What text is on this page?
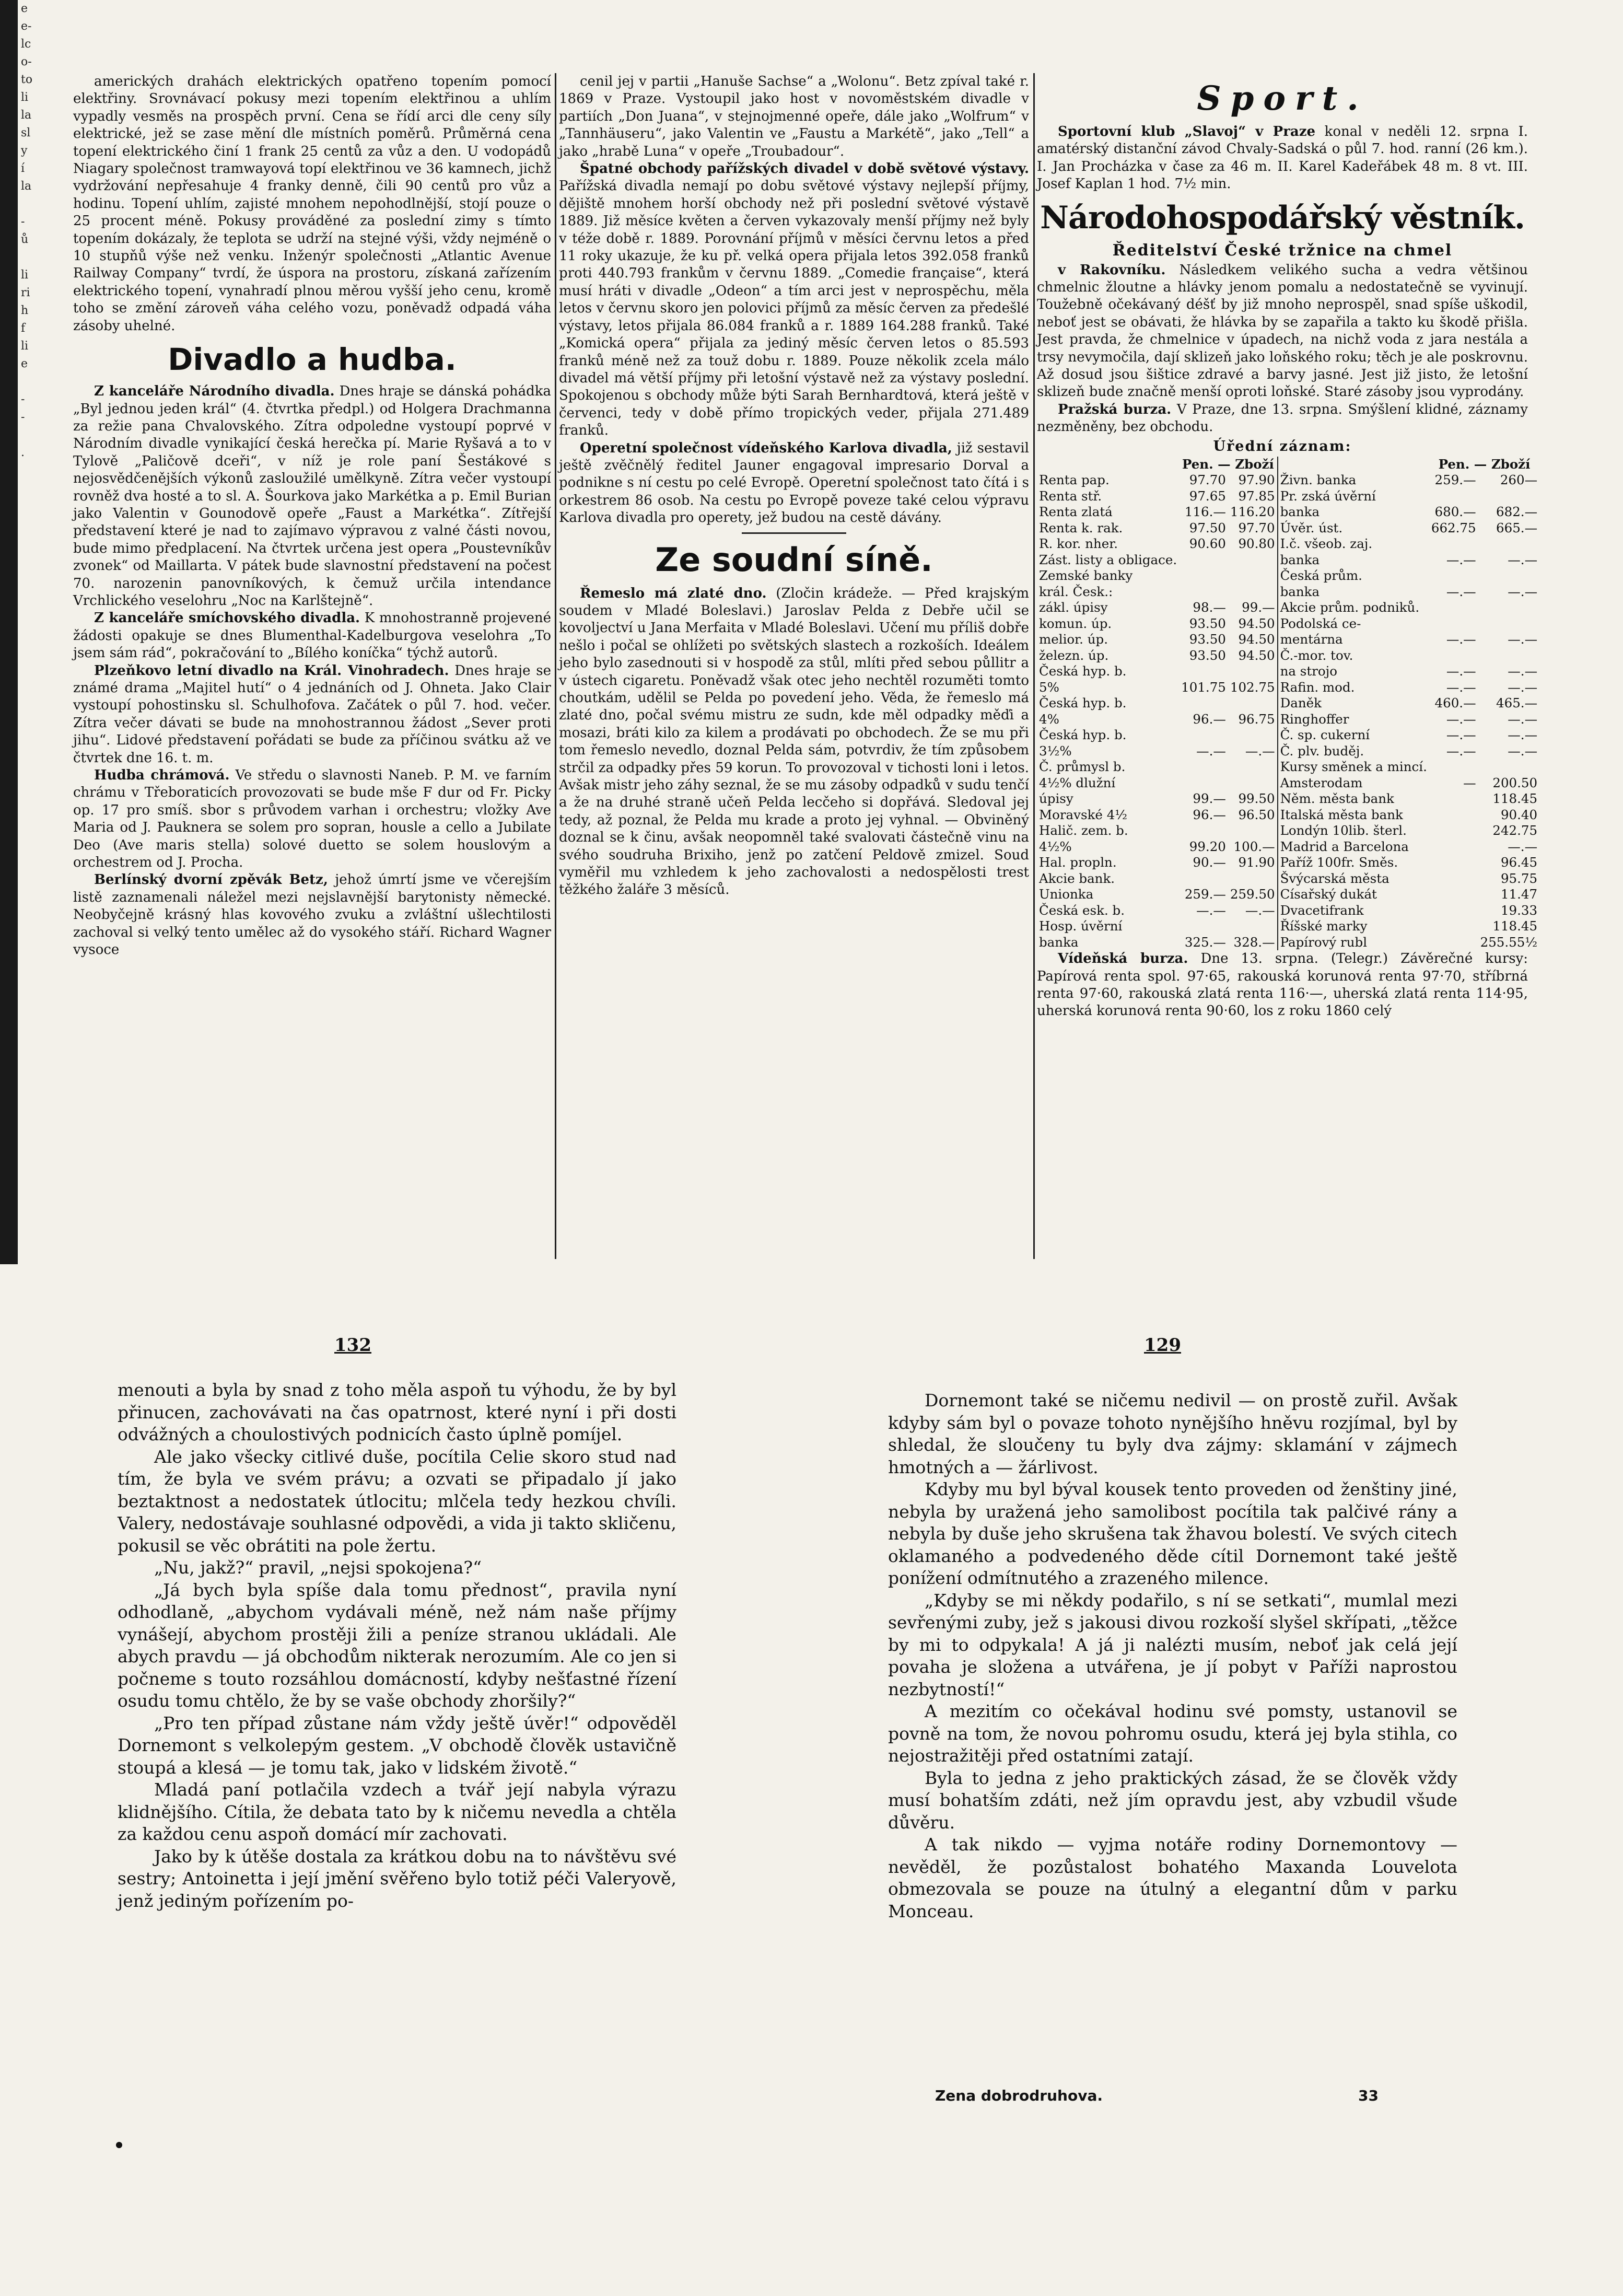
e
e-
lc
o-
to
li
la
sl
y
í
la

-
ů

li
ri
h
f
li
e

-
-

.

amerických drahách elektrických opatřeno topením pomocí elektřiny. Srovnávací pokusy mezi topením elektřinou a uhlím vypadly vesměs na prospěch první. Cena se řídí arci dle ceny síly elektrické, jež se zase mění dle místních poměrů. Průměrná cena topení elektrického činí 1 frank 25 centů za vůz a den. U vodopádů Niagary společnost tramwayová topí elektřinou ve 36 kamnech, jichž vydržování nepřesahuje 4 franky denně, čili 90 centů pro vůz a hodinu. Topení uhlím, zajisté mnohem nepohodlnější, stojí pouze o 25 procent méně. Pokusy prováděné za poslední zimy s tímto topením dokázaly, že teplota se udrží na stejné výši, vždy nejméně o 10 stupňů výše než venku. Inženýr společnosti „Atlantic Avenue Railway Company“ tvrdí, že úspora na prostoru, získaná zařízením elektrického topení, vynahradí plnou měrou vyšší jeho cenu, kromě toho se změní zároveň váha celého vozu, poněvadž odpadá váha zásoby uhelné.

Divadlo a hudba.

Z kanceláře Národního divadla. Dnes hraje se dánská pohádka „Byl jednou jeden král“ (4. čtvrtka předpl.) od Holgera Drachmanna za režie pana Chvalovského. Zítra odpoledne vystoupí poprvé v Národním divadle vynikající česká herečka pí. Marie Ryšavá a to v Tylově „Paličově dceři“, v níž je role paní Šestákové s nejosvědčenějších výkonů zasloužilé umělkyně. Zítra večer vystoupí rovněž dva hosté a to sl. A. Šourkova jako Markétka a p. Emil Burian jako Valentin v Gounodově opeře „Faust a Markétka“. Zítřejší představení které je nad to zajímavo výpravou z valné části novou, bude mimo předplacení. Na čtvrtek určena jest opera „Poustevníkův zvonek“ od Maillarta. V pátek bude slavnostní představení na počest 70. narozenin panovníkových, k čemuž určila intendance Vrchlického veselohru „Noc na Karlštejně“.

Z kanceláře smíchovského divadla. K mnohostranně projevené žádosti opakuje se dnes Blumenthal-Kadelburgova veselohra „To jsem sám rád“, pokračování to „Bílého koníčka“ týchž autorů.

Plzeňkovo letní divadlo na Král. Vinohradech. Dnes hraje se známé drama „Majitel hutí“ o 4 jednáních od J. Ohneta. Jako Clair vystoupí pohostinsku sl. Schulhofova. Začátek o půl 7. hod. večer. Zítra večer dávati se bude na mnohostrannou žádost „Sever proti jihu“. Lidové představení pořádati se bude za příčinou svátku až ve čtvrtek dne 16. t. m.

Hudba chrámová. Ve středu o slavnosti Naneb. P. M. ve farním chrámu v Třeboraticích provozovati se bude mše F dur od Fr. Picky op. 17 pro smíš. sbor s průvodem varhan i orchestru; vložky Ave Maria od J. Pauknera se solem pro sopran, housle a cello a Jubilate Deo (Ave maris stella) solové duetto se solem houslovým a orchestrem od J. Procha.

Berlínský dvorní zpěvák Betz, jehož úmrtí jsme ve včerejším listě zaznamenali náležel mezi nejslavnější barytonisty německé. Neobyčejně krásný hlas kovového zvuku a zvláštní ušlechtilosti zachoval si velký tento umělec až do vysokého stáří. Richard Wagner vysoce

cenil jej v partii „Hanuše Sachse“ a „Wolonu“. Betz zpíval také r. 1869 v Praze. Vystoupil jako host v novoměstském divadle v partiích „Don Juana“, v stejnojmenné opeře, dále jako „Wolfrum“ v „Tannhäuseru“, jako Valentin ve „Faustu a Markétě“, jako „Tell“ a jako „hrabě Luna“ v opeře „Troubadour“.

Špatné obchody pařížských divadel v době světové výstavy. Pařížská divadla nemají po dobu světové výstavy nejlepší příjmy, dějiště mnohem horší obchody než při poslední světové výstavě 1889. Již měsíce květen a červen vykazovaly menší příjmy než byly v téže době r. 1889. Porovnání příjmů v měsíci červnu letos a před 11 roky ukazuje, že ku př. velká opera přijala letos 392.058 franků proti 440.793 frankům v červnu 1889. „Comedie française“, která musí hráti v divadle „Odeon“ a tím arci jest v neprospěchu, měla letos v červnu skoro jen polovici příjmů za měsíc červen za předešlé výstavy, letos přijala 86.084 franků a r. 1889 164.288 franků. Také „Komická opera“ přijala za jediný měsíc červen letos o 85.593 franků méně než za touž dobu r. 1889. Pouze několik zcela málo divadel má větší příjmy při letošní výstavě než za výstavy poslední. Spokojenou s obchody může býti Sarah Bernhardtová, která ještě v červenci, tedy v době přímo tropických veder, přijala 271.489 franků.

Operetní společnost vídeňského Karlova divadla, již sestavil ještě zvěčnělý ředitel Jauner engagoval impresario Dorval a podnikne s ní cestu po celé Evropě. Operetní společnost tato čítá i s orkestrem 86 osob. Na cestu po Evropě poveze také celou výpravu Karlova divadla pro operety, jež budou na cestě dávány.

Ze soudní síně.

Řemeslo má zlaté dno. (Zločin krádeže. — Před krajským soudem v Mladé Boleslavi.) Jaroslav Pelda z Debře učil se kovoljectví u Jana Merfaita v Mladé Boleslavi. Učení mu příliš dobře nešlo i počal se ohlížeti po světských slastech a rozkoších. Ideálem jeho bylo zasednouti si v hospodě za stůl, mlíti před sebou půllitr a v ústech cigaretu. Poněvadž však otec jeho nechtěl rozuměti tomto choutkám, udělil se Pelda po povedení jeho. Věda, že řemeslo má zlaté dno, počal svému mistru ze sudn, kde měl odpadky měďi a mosazi, bráti kilo za kilem a prodávati po obchodech. Že se mu při tom řemeslo nevedlo, doznal Pelda sám, potvrdiv, že tím způsobem strčil za odpadky přes 59 korun. To provozoval v tichosti loni i letos. Avšak mistr jeho záhy seznal, že se mu zásoby odpadků v sudu tenčí a že na druhé straně učeň Pelda lecčeho si dopřává. Sledoval jej tedy, až poznal, že Pelda mu krade a proto jej vyhnal. — Obviněný doznal se k činu, avšak neopomněl také svalovati částečně vinu na svého soudruha Brixiho, jenž po zatčení Peldově zmizel. Soud vyměřil mu vzhledem k jeho zachovalosti a nedospělosti trest těžkého žaláře 3 měsíců.

Sport.

Sportovní klub „Slavoj“ v Praze konal v neděli 12. srpna I. amatérský distanční závod Chvaly-Sadská o půl 7. hod. ranní (26 km.). I. Jan Procházka v čase za 46 m. II. Karel Kadeřábek 48 m. 8 vt. III. Josef Kaplan 1 hod. 7½ min.

Národohospodářský věstník.
Ředitelství České tržnice na chmel

v Rakovníku. Následkem velikého sucha a vedra většinou chmelnic žloutne a hlávky jenom pomalu a nedostatečně se vyvinují. Toužebně očekávaný déšť by již mnoho neprospěl, snad spíše uškodil, neboť jest se obávati, že hlávka by se zapařila a takto ku škodě přišla. Jest pravda, že chmelnice v úpadech, na nichž voda z jara nestála a trsy nevymočila, dají sklizeň jako loňského roku; těch je ale poskrovnu. Až dosud jsou šištice zdravé a barvy jasné. Jest již jisto, že letošní sklizeň bude značně menší oproti loňské. Staré zásoby jsou vyprodány.

Pražská burza. V Praze, dne 13. srpna. Smýšlení klidné, záznamy nezměněny, bez obchodu.

Úřední záznam:
	Pen. — Zboží			Pen. — Zboží	
Renta pap.	97.70	97.90	Živn. banka	259.—	260—
Renta stř.	97.65	97.85	Pr. zská úvěrní		
Renta zlatá	116.—	116.20	banka	680.—	682.—
Renta k. rak.	97.50	97.70	Úvěr. úst.	662.75	665.—
R. kor. nher.	90.60	90.80	I.č. všeob. zaj.		
Zást. listy a obligace.			banka	—.—	—.—
Zemské banky			Česká prům.		
král. Česk.:			banka	—.—	—.—
zákl. úpisy	98.—	99.—	Akcie prům. podniků.		
komun. úp.	93.50	94.50	Podolská ce-		
melior. úp.	93.50	94.50	mentárna	—.—	—.—
železn. úp.	93.50	94.50	Č.-mor. tov.		
Česká hyp. b.			na strojo	—.—	—.—
5%	101.75	102.75	Rafin. mod.	—.—	—.—
Česká hyp. b.			Daněk	460.—	465.—
4%	96.—	96.75	Ringhoffer	—.—	—.—
Česká hyp. b.			Č. sp. cukerní	—.—	—.—
3½%	—.—	—.—	Č. plv. buděj.	—.—	—.—
Č. průmysl b.			Kursy směnek a mincí.		
4½% dlužní			Amsterodam	—	200.50
úpisy	99.—	99.50	Něm. města bank		118.45
Moravské 4½	96.—	96.50	Italská města bank		90.40
Halič. zem. b.			Londýn 10lib. šterl.		242.75
4½%	99.20	100.—	Madrid a Barcelona		—.—
Hal. propln.	90.—	91.90	Paříž 100fr. Směs.		96.45
Akcie bank.			Švýcarská města		95.75
Unionka	259.—	259.50	Císařský dukát		11.47
Česká esk. b.	—.—	—.—	Dvacetifrank		19.33
Hosp. úvěrní			Říšské marky		118.45
banka	325.—	328.—	Papírový rubl		255.55½

Vídeňská burza. Dne 13. srpna. (Telegr.) Závěrečné kursy: Papírová renta spol. 97·65, rakouská korunová renta 97·70, stříbrná renta 97·60, rakouská zlatá renta 116·—, uherská zlatá renta 114·95, uherská korunová renta 90·60, los z roku 1860 celý

132	129

menouti a byla by snad z toho měla aspoň tu výhodu, že by byl přinucen, zachovávati na čas opatrnost, které nyní i při dosti odvážných a choulostivých podnicích často úplně pomíjel.

Ale jako všecky citlivé duše, pocítila Celie skoro stud nad tím, že byla ve svém právu; a ozvati se připadalo jí jako beztaktnost a nedostatek útlocitu; mlčela tedy hezkou chvíli. Valery, nedostávaje souhlasné odpovědi, a vida ji takto skličenu, pokusil se věc obrátiti na pole žertu.

„Nu, jakž?“ pravil, „nejsi spokojena?“

„Já bych byla spíše dala tomu přednost“, pravila nyní odhodlaně, „abychom vydávali méně, než nám naše příjmy vynášejí, abychom prostěji žili a peníze stranou ukládali. Ale abych pravdu — já obchodům nikterak nerozumím. Ale co jen si počneme s touto rozsáhlou domácností, kdyby nešťastné řízení osudu tomu chtělo, že by se vaše obchody zhoršily?“

„Pro ten případ zůstane nám vždy ještě úvěr!“ odpověděl Dornemont s velkolepým gestem. „V obchodě člověk ustavičně stoupá a klesá — je tomu tak, jako v lidském životě.“

Mladá paní potlačila vzdech a tvář její nabyla výrazu klidnějšího. Cítila, že debata tato by k ničemu nevedla a chtěla za každou cenu aspoň domácí mír zachovati.

Jako by k útěše dostala za krátkou dobu na to návštěvu své sestry; Antoinetta i její jmění svěřeno bylo totiž péči Valeryově, jenž jediným pořízením po-

Dornemont také se ničemu nedivil — on prostě zuřil. Avšak kdyby sám byl o povaze tohoto nynějšího hněvu rozjímal, byl by shledal, že sloučeny tu byly dva zájmy: sklamání v zájmech hmotných a — žárlivost.

Kdyby mu byl býval kousek tento proveden od ženštiny jiné, nebyla by uražená jeho samolibost pocítila tak palčivé rány a nebyla by duše jeho skrušena tak žhavou bolestí. Ve svých citech oklamaného a podvedeného děde cítil Dornemont také ještě ponížení odmítnutého a zrazeného milence.

„Kdyby se mi někdy podařilo, s ní se setkati“, mumlal mezi sevřenými zuby, jež s jakousi divou rozkoší slyšel skřípati, „těžce by mi to odpykala! A já ji nalézti musím, neboť jak celá její povaha je složena a utvářena, je jí pobyt v Paříži naprostou nezbytností!“

A mezitím co očekával hodinu své pomsty, ustanovil se povně na tom, že novou pohromu osudu, která jej byla stihla, co nejostražitěji před ostatními zatají.

Byla to jedna z jeho praktických zásad, že se člověk vždy musí bohatším zdáti, než jím opravdu jest, aby vzbudil všude důvěru.

A tak nikdo — vyjma notáře rodiny Dornemontovy — nevěděl, že pozůstalost bohatého Maxanda Louvelota obmezovala se pouze na útulný a elegantní dům v parku Monceau.

Zena dobrodruhova.	33
